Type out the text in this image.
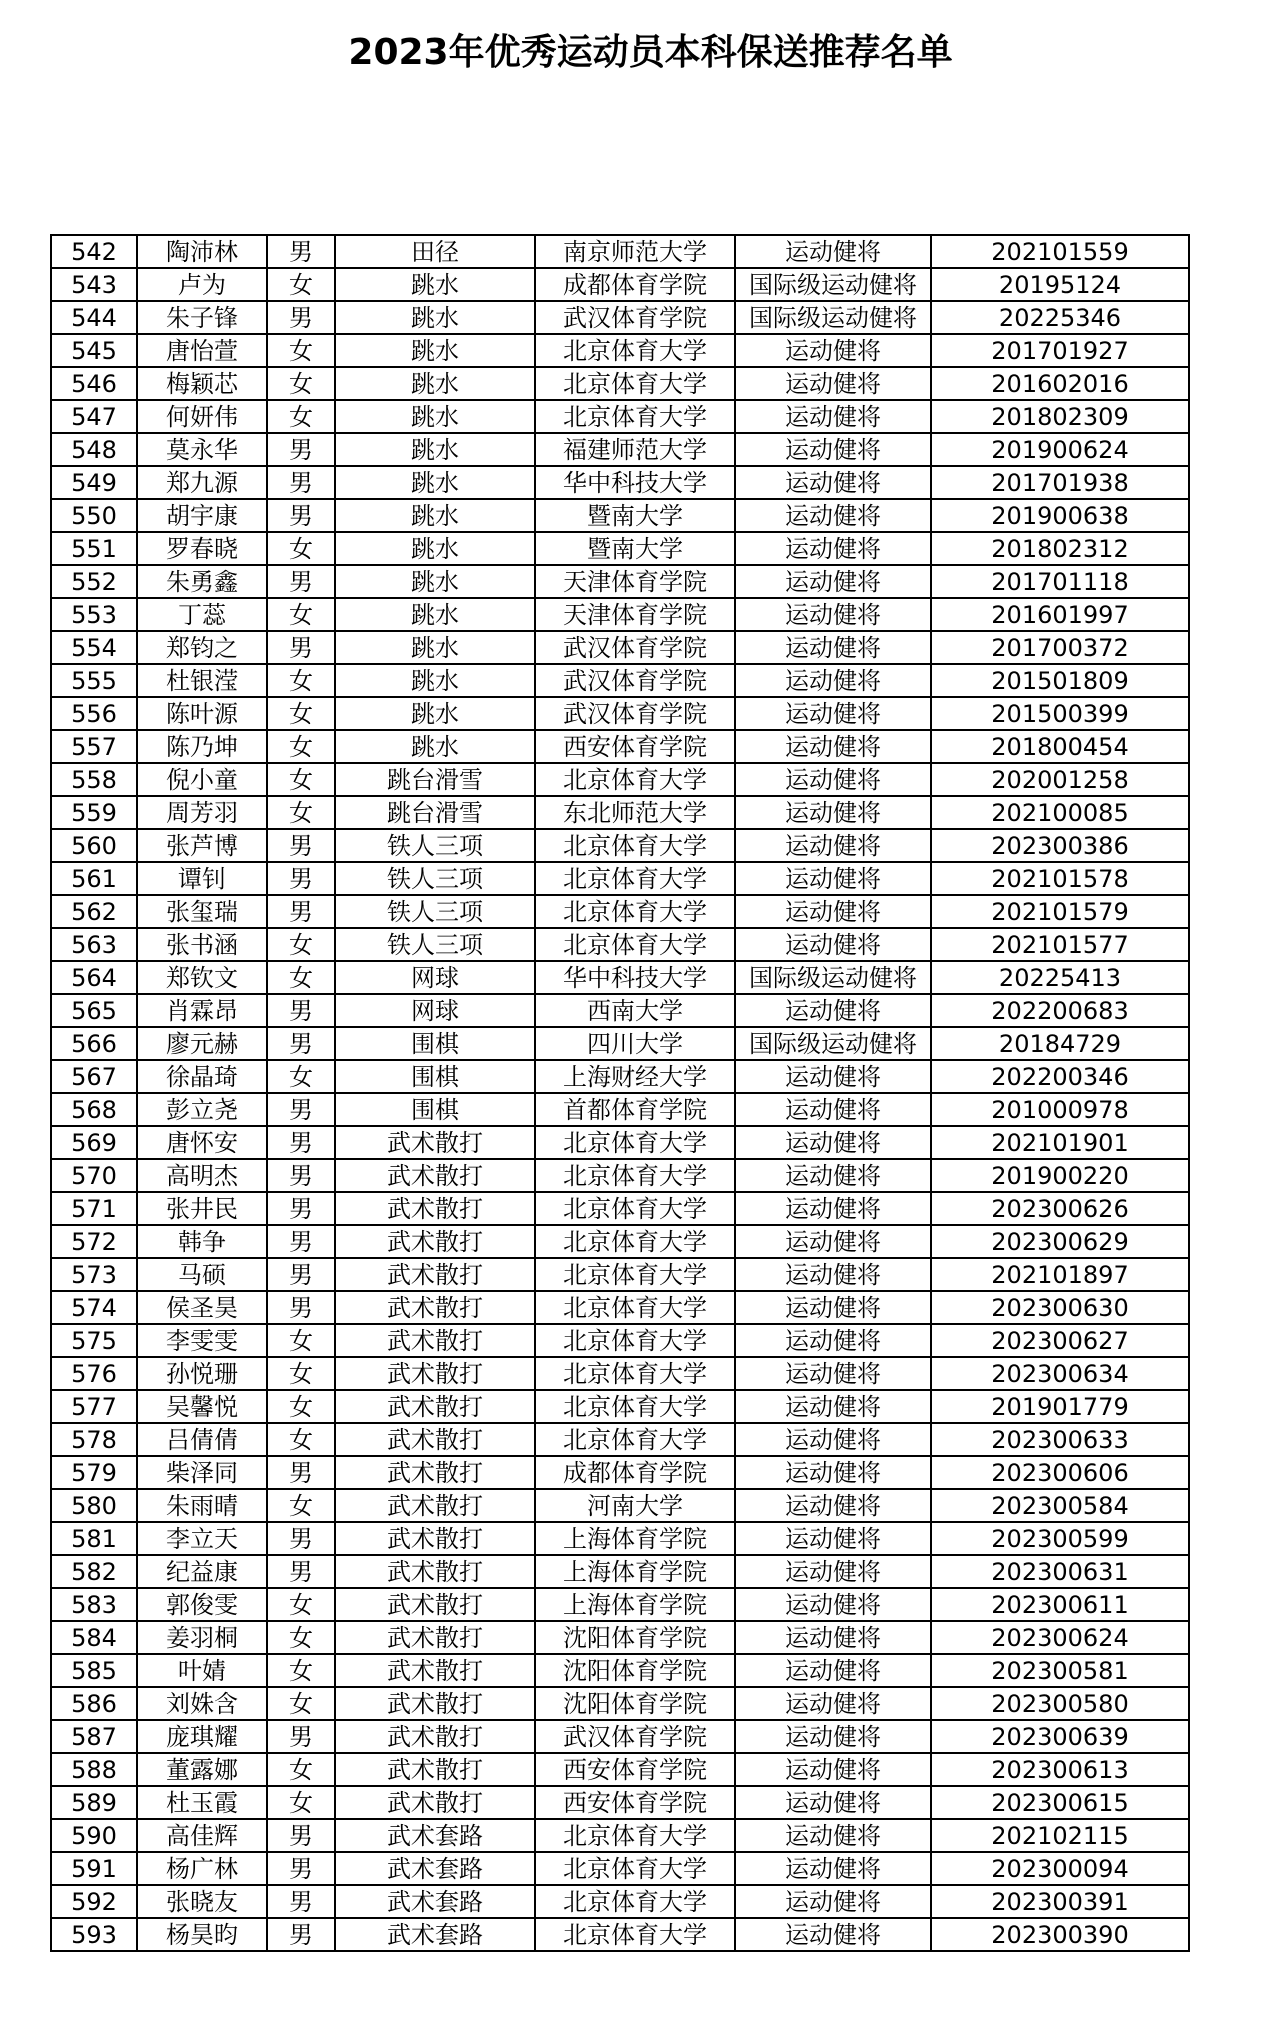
2023年优秀运动员本科保送推荐名单
542	陶沛林	男	田径	南京师范大学	运动健将	202101559
543	卢为	女	跳水	成都体育学院	国际级运动健将	20195124
544	朱子锋	男	跳水	武汉体育学院	国际级运动健将	20225346
545	唐怡萱	女	跳水	北京体育大学	运动健将	201701927
546	梅颖芯	女	跳水	北京体育大学	运动健将	201602016
547	何妍伟	女	跳水	北京体育大学	运动健将	201802309
548	莫永华	男	跳水	福建师范大学	运动健将	201900624
549	郑九源	男	跳水	华中科技大学	运动健将	201701938
550	胡宇康	男	跳水	暨南大学	运动健将	201900638
551	罗春晓	女	跳水	暨南大学	运动健将	201802312
552	朱勇鑫	男	跳水	天津体育学院	运动健将	201701118
553	丁蕊	女	跳水	天津体育学院	运动健将	201601997
554	郑钧之	男	跳水	武汉体育学院	运动健将	201700372
555	杜银滢	女	跳水	武汉体育学院	运动健将	201501809
556	陈叶源	女	跳水	武汉体育学院	运动健将	201500399
557	陈乃坤	女	跳水	西安体育学院	运动健将	201800454
558	倪小童	女	跳台滑雪	北京体育大学	运动健将	202001258
559	周芳羽	女	跳台滑雪	东北师范大学	运动健将	202100085
560	张芦博	男	铁人三项	北京体育大学	运动健将	202300386
561	谭钊	男	铁人三项	北京体育大学	运动健将	202101578
562	张玺瑞	男	铁人三项	北京体育大学	运动健将	202101579
563	张书涵	女	铁人三项	北京体育大学	运动健将	202101577
564	郑钦文	女	网球	华中科技大学	国际级运动健将	20225413
565	肖霖昂	男	网球	西南大学	运动健将	202200683
566	廖元赫	男	围棋	四川大学	国际级运动健将	20184729
567	徐晶琦	女	围棋	上海财经大学	运动健将	202200346
568	彭立尧	男	围棋	首都体育学院	运动健将	201000978
569	唐怀安	男	武术散打	北京体育大学	运动健将	202101901
570	高明杰	男	武术散打	北京体育大学	运动健将	201900220
571	张井民	男	武术散打	北京体育大学	运动健将	202300626
572	韩争	男	武术散打	北京体育大学	运动健将	202300629
573	马硕	男	武术散打	北京体育大学	运动健将	202101897
574	侯圣昊	男	武术散打	北京体育大学	运动健将	202300630
575	李雯雯	女	武术散打	北京体育大学	运动健将	202300627
576	孙悦珊	女	武术散打	北京体育大学	运动健将	202300634
577	吴馨悦	女	武术散打	北京体育大学	运动健将	201901779
578	吕倩倩	女	武术散打	北京体育大学	运动健将	202300633
579	柴泽同	男	武术散打	成都体育学院	运动健将	202300606
580	朱雨晴	女	武术散打	河南大学	运动健将	202300584
581	李立天	男	武术散打	上海体育学院	运动健将	202300599
582	纪益康	男	武术散打	上海体育学院	运动健将	202300631
583	郭俊雯	女	武术散打	上海体育学院	运动健将	202300611
584	姜羽桐	女	武术散打	沈阳体育学院	运动健将	202300624
585	叶婧	女	武术散打	沈阳体育学院	运动健将	202300581
586	刘姝含	女	武术散打	沈阳体育学院	运动健将	202300580
587	庞琪耀	男	武术散打	武汉体育学院	运动健将	202300639
588	董露娜	女	武术散打	西安体育学院	运动健将	202300613
589	杜玉霞	女	武术散打	西安体育学院	运动健将	202300615
590	高佳辉	男	武术套路	北京体育大学	运动健将	202102115
591	杨广林	男	武术套路	北京体育大学	运动健将	202300094
592	张晓友	男	武术套路	北京体育大学	运动健将	202300391
593	杨昊昀	男	武术套路	北京体育大学	运动健将	202300390
